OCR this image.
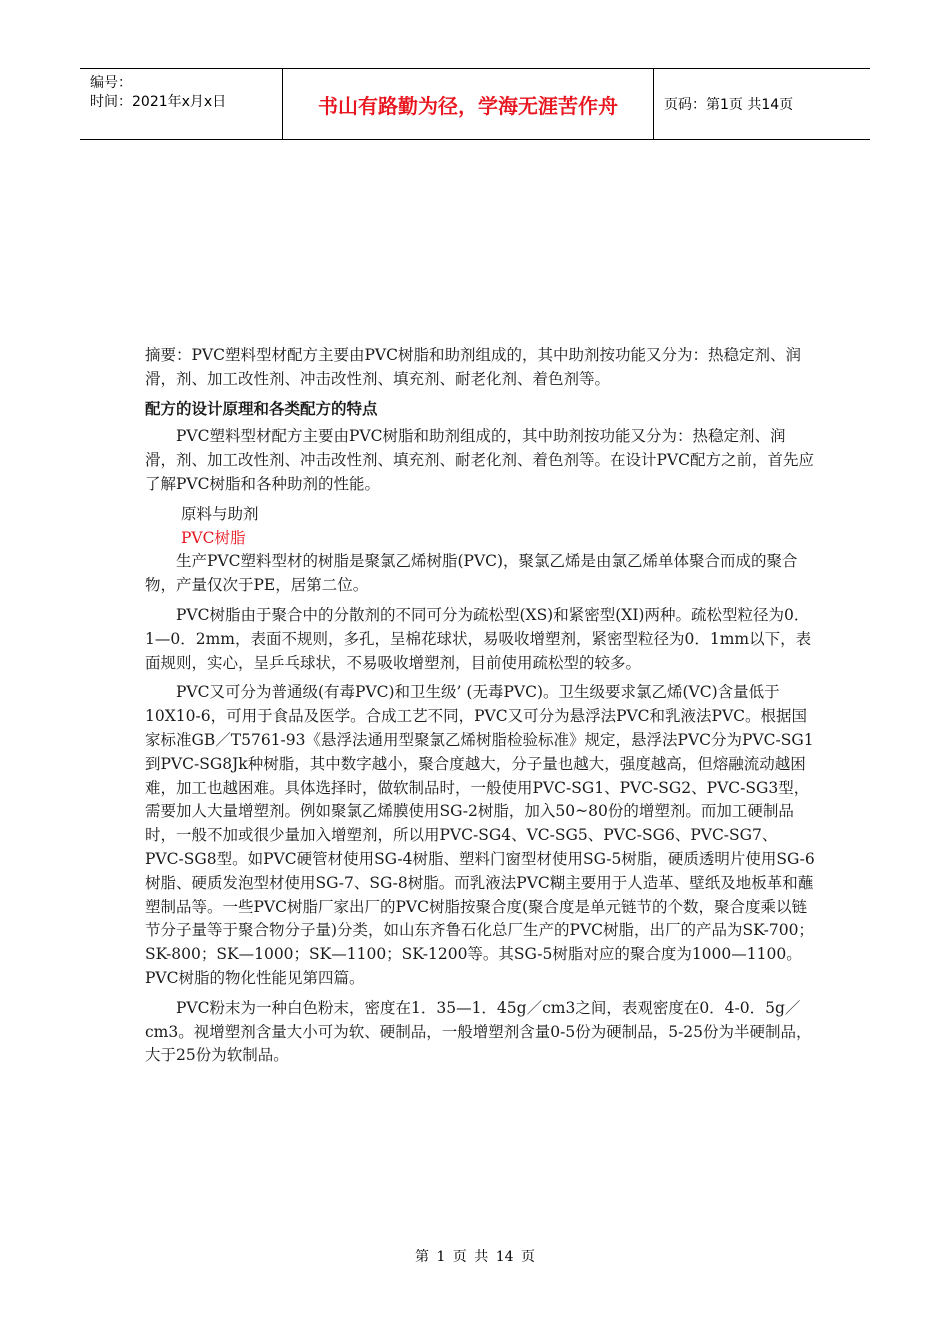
编号：
时间：2021年x月x日	书山有路勤为径，学海无涯苦作舟	页码：第1页 共14页

摘要：PVC塑料型材配方主要由PVC树脂和助剂组成的，其中助剂按功能又分为：热稳定剂、润滑，剂、加工改性剂、冲击改性剂、填充剂、耐老化剂、着色剂等。

配方的设计原理和各类配方的特点

PVC塑料型材配方主要由PVC树脂和助剂组成的，其中助剂按功能又分为：热稳定剂、润滑，剂、加工改性剂、冲击改性剂、填充剂、耐老化剂、着色剂等。在设计PVC配方之前，首先应了解PVC树脂和各种助剂的性能。

原料与助剂

PVC树脂

生产PVC塑料型材的树脂是聚氯乙烯树脂(PVC)，聚氯乙烯是由氯乙烯单体聚合而成的聚合物，产量仅次于PE，居第二位。

PVC树脂由于聚合中的分散剂的不同可分为疏松型(XS)和紧密型(XI)两种。疏松型粒径为0．1—0．2mm，表面不规则，多孔，呈棉花球状，易吸收增塑剂，紧密型粒径为0．1mm以下，表面规则，实心，呈乒乓球状，不易吸收增塑剂，目前使用疏松型的较多。

PVC又可分为普通级(有毒PVC)和卫生级’ (无毒PVC)。卫生级要求氯乙烯(VC)含量低于10X10-6，可用于食品及医学。合成工艺不同，PVC又可分为悬浮法PVC和乳液法PVC。根据国家标准GB／T5761-93《悬浮法通用型聚氯乙烯树脂检验标准》规定，悬浮法PVC分为PVC-SG1到PVC-SG8Jk种树脂，其中数字越小，聚合度越大，分子量也越大，强度越高，但熔融流动越困难，加工也越困难。具体选择时，做软制品时，一般使用PVC-SG1、PVC-SG2、PVC-SG3型，需要加人大量增塑剂。例如聚氯乙烯膜使用SG-2树脂，加入50~80份的增塑剂。而加工硬制品时，一般不加或很少量加入增塑剂，所以用PVC-SG4、VC-SG5、PVC-SG6、PVC-SG7、PVC-SG8型。如PVC硬管材使用SG-4树脂、塑料门窗型材使用SG-5树脂，硬质透明片使用SG-6树脂、硬质发泡型材使用SG-7、SG-8树脂。而乳液法PVC糊主要用于人造革、壁纸及地板革和蘸塑制品等。一些PVC树脂厂家出厂的PVC树脂按聚合度(聚合度是单元链节的个数，聚合度乘以链节分子量等于聚合物分子量)分类，如山东齐鲁石化总厂生产的PVC树脂，出厂的产品为SK-700；SK-800；SK—1000；SK—1100；SK-1200等。其SG-5树脂对应的聚合度为1000—1100。PVC树脂的物化性能见第四篇。

PVC粉末为一种白色粉末，密度在1．35—1．45g／cm3之间，表观密度在0．4-0．5g／cm3。视增塑剂含量大小可为软、硬制品，一般增塑剂含量0-5份为硬制品，5-25份为半硬制品，大于25份为软制品。

第 1 页 共 14 页
